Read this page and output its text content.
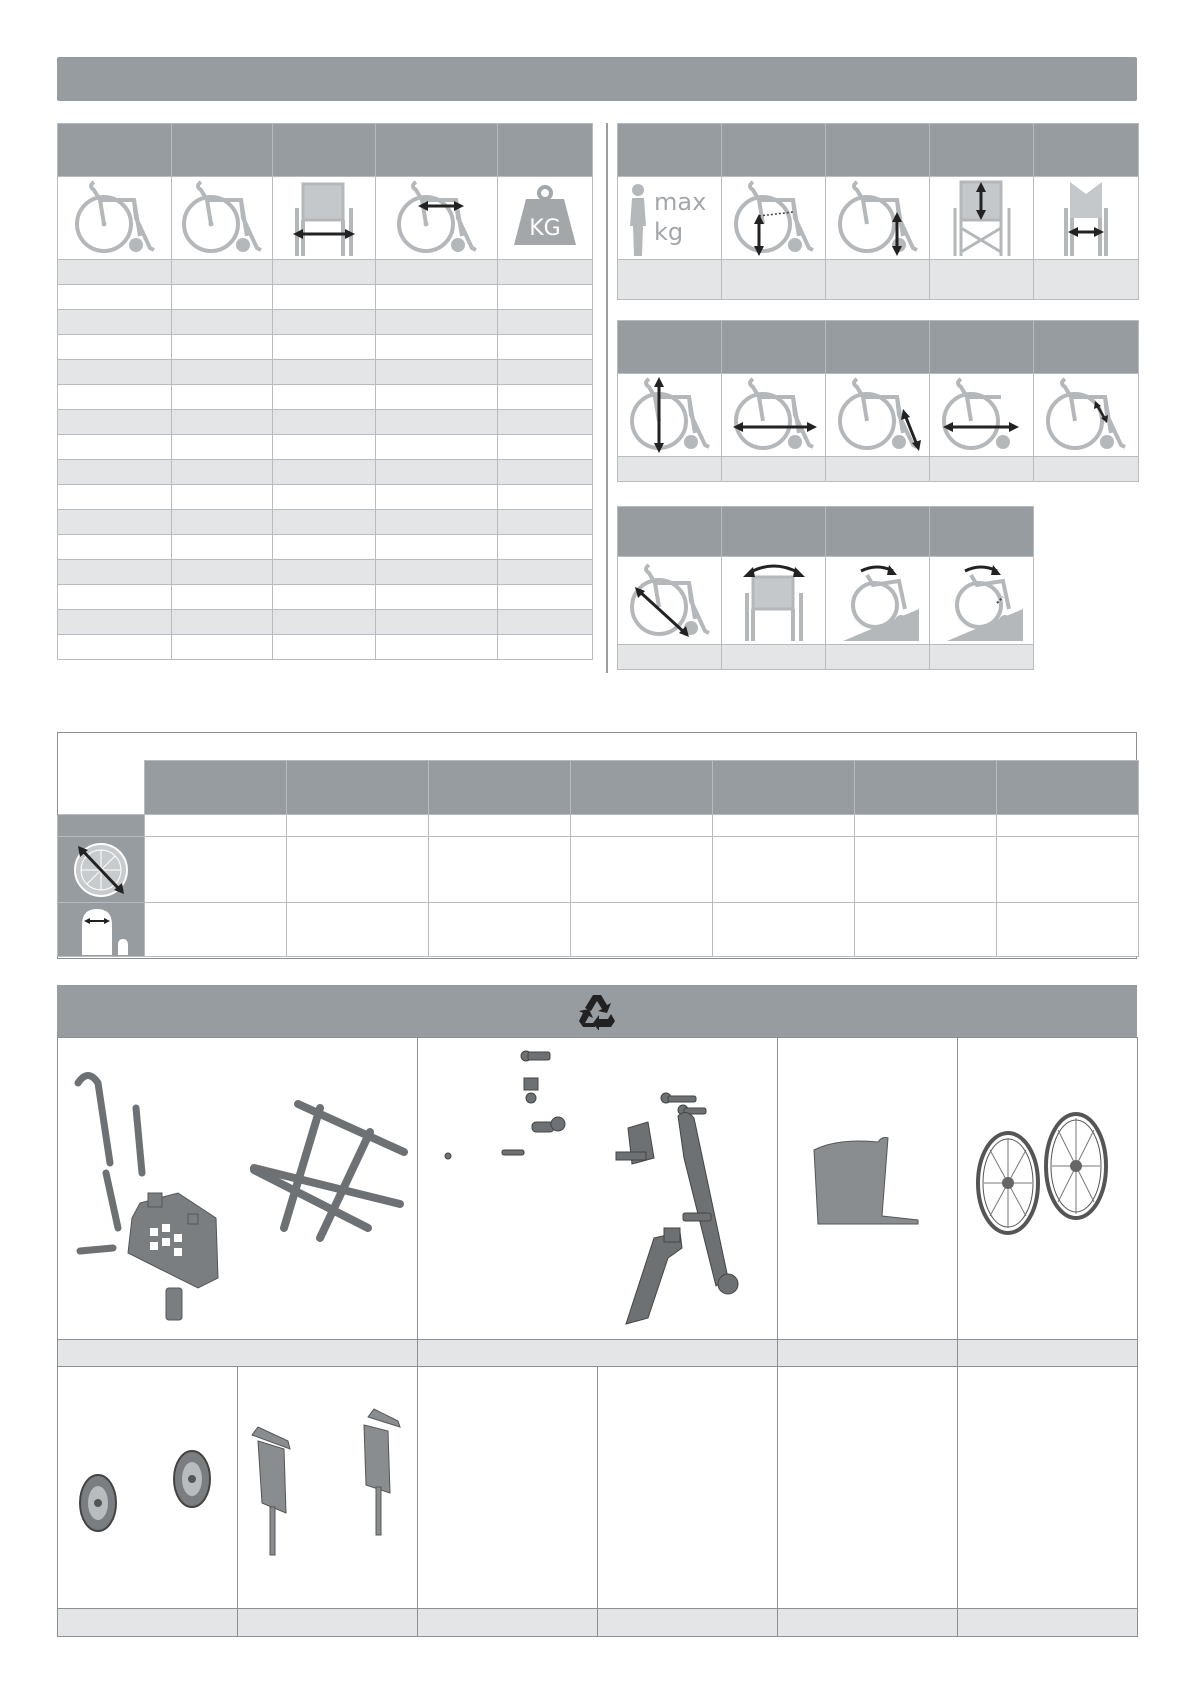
KG

max
kg
